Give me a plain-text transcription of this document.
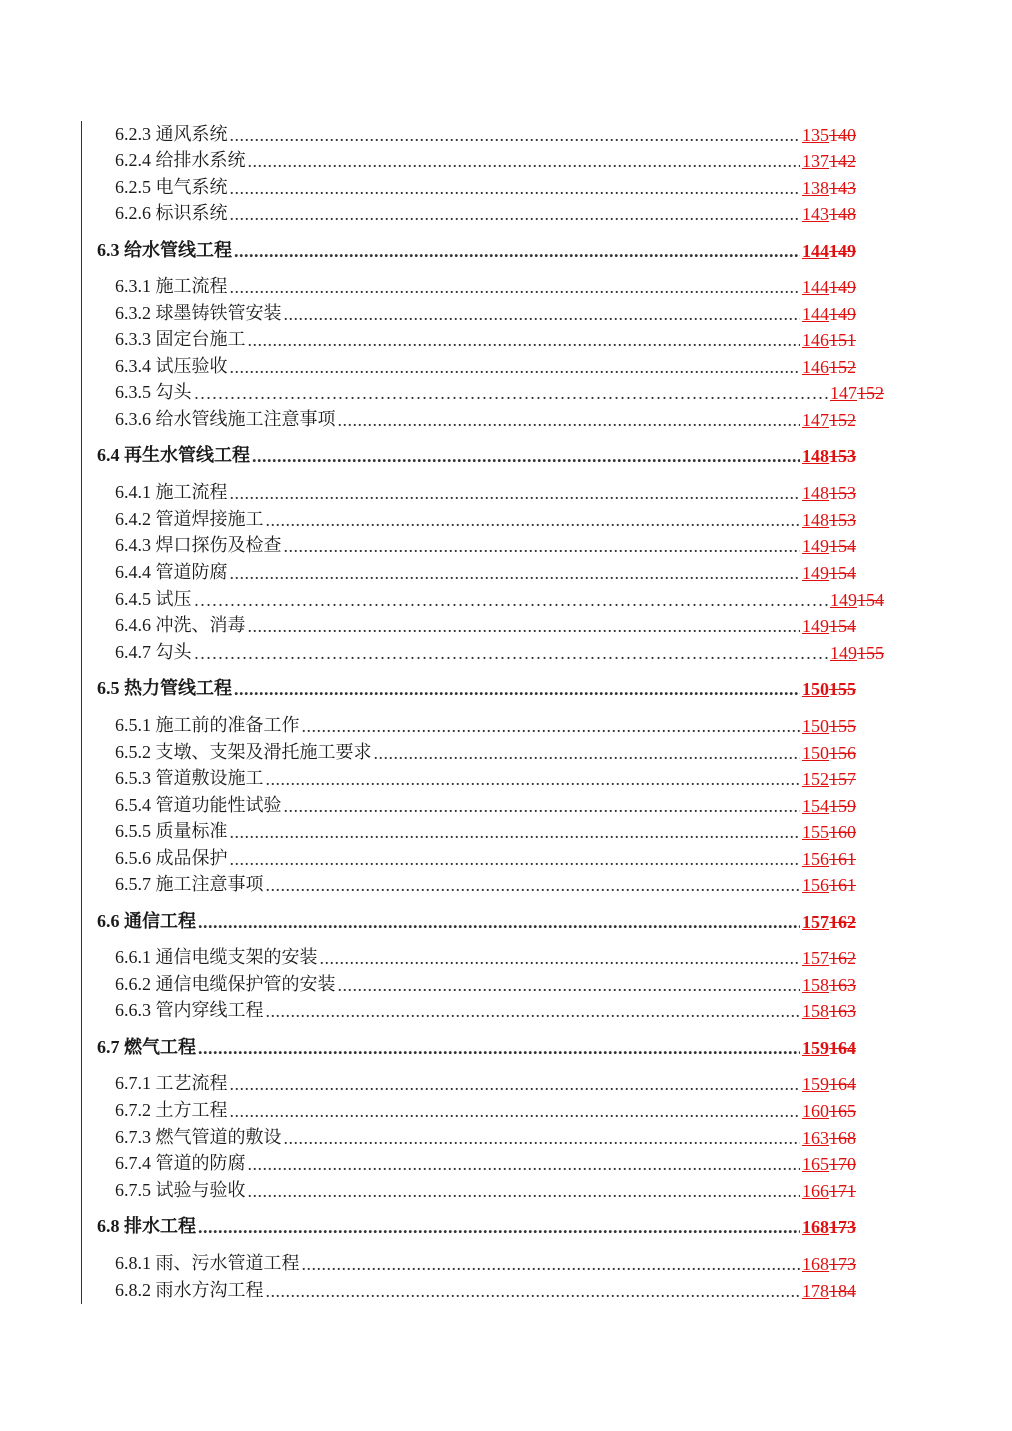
6.2.3 通风系统 .....	135140
6.2.4 给排水系统 .....	137142
6.2.5 电气系统 .....	138143
6.2.6 标识系统 .....	143148
6.3 给水管线工程 .....	144149
6.3.1 施工流程 .....	144149
6.3.2 球墨铸铁管安装 .....	144149
6.3.3 固定台施工 .....	146151
6.3.4 试压验收 .....	146152
6.3.5 勾头 …………………………………………………………………………………………………………………………………………………………………………	147152
6.3.6 给水管线施工注意事项 .....	147152
6.4 再生水管线工程 .....	148153
6.4.1 施工流程 .....	148153
6.4.2 管道焊接施工 .....	148153
6.4.3 焊口探伤及检查 .....	149154
6.4.4 管道防腐 .....	149154
6.4.5 试压 …………………………………………………………………………………………………………………………………………………………………………	149154
6.4.6 冲洗、消毒 .....	149154
6.4.7 勾头 …………………………………………………………………………………………………………………………………………………………………………	149155
6.5 热力管线工程 .....	150155
6.5.1 施工前的准备工作 .....	150155
6.5.2 支墩、支架及滑托施工要求 .....	150156
6.5.3 管道敷设施工 .....	152157
6.5.4 管道功能性试验 .....	154159
6.5.5 质量标准 .....	155160
6.5.6 成品保护 .....	156161
6.5.7 施工注意事项 .....	156161
6.6 通信工程 .....	157162
6.6.1 通信电缆支架的安装 .....	157162
6.6.2 通信电缆保护管的安装 .....	158163
6.6.3 管内穿线工程 .....	158163
6.7 燃气工程 .....	159164
6.7.1 工艺流程 .....	159164
6.7.2 土方工程 .....	160165
6.7.3 燃气管道的敷设 .....	163168
6.7.4 管道的防腐 .....	165170
6.7.5 试验与验收 .....	166171
6.8 排水工程 .....	168173
6.8.1 雨、污水管道工程 .....	168173
6.8.2 雨水方沟工程 .....	178184
